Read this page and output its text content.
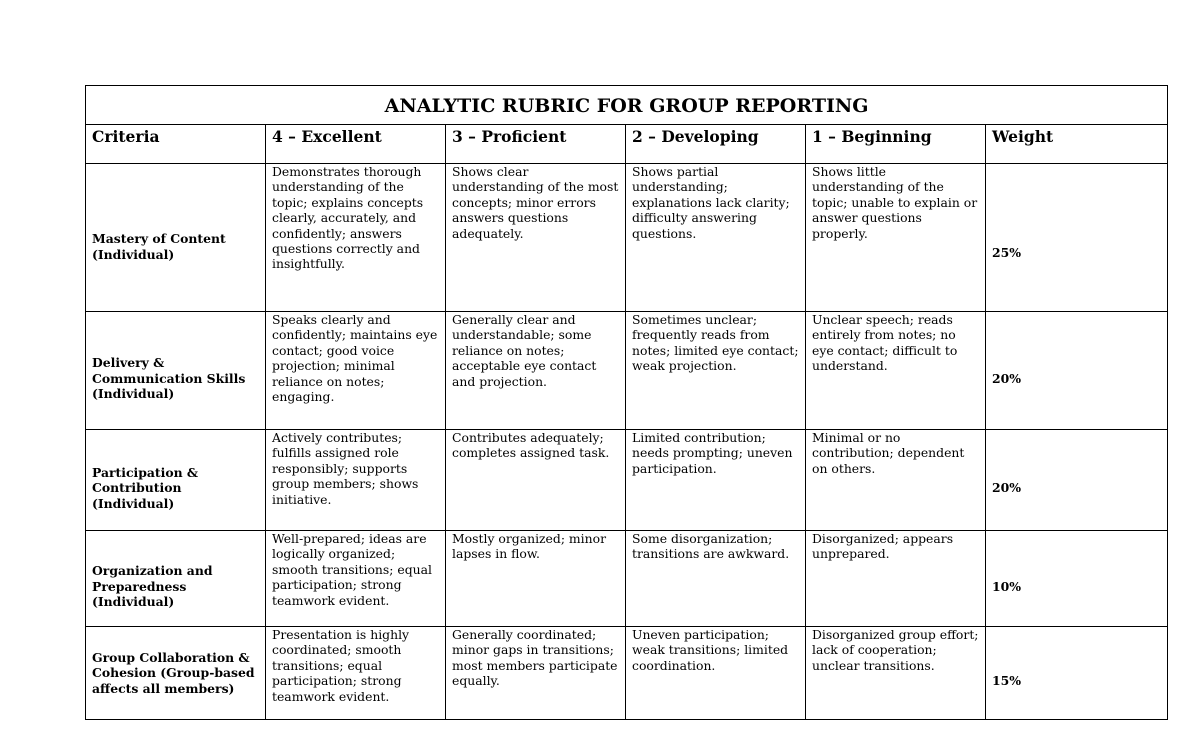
ANALYTIC RUBRIC FOR GROUP REPORTING					
Criteria	4 – Excellent	3 – Proficient	2 – Developing	1 – Beginning	Weight
Mastery of Content (Individual)	Demonstrates thorough understanding of the topic; explains concepts clearly, accurately, and confidently; answers questions correctly and insightfully.	Shows clear understanding of the most concepts; minor errors answers questions adequately.	Shows partial understanding; explanations lack clarity; difficulty answering questions.	Shows little understanding of the topic; unable to explain or answer questions properly.	25%
Delivery & Communication Skills (Individual)	Speaks clearly and confidently; maintains eye contact; good voice projection; minimal reliance on notes; engaging.	Generally clear and understandable; some reliance on notes; acceptable eye contact and projection.	Sometimes unclear; frequently reads from notes; limited eye contact; weak projection.	Unclear speech; reads entirely from notes; no eye contact; difficult to understand.	20%
Participation & Contribution (Individual)	Actively contributes; fulfills assigned role responsibly; supports group members; shows initiative.	Contributes adequately; completes assigned task.	Limited contribution; needs prompting; uneven participation.	Minimal or no contribution; dependent on others.	20%
Organization and Preparedness (Individual)	Well-prepared; ideas are logically organized; smooth transitions; equal participation; strong teamwork evident.	Mostly organized; minor lapses in flow.	Some disorganization; transitions are awkward.	Disorganized; appears unprepared.	10%
Group Collaboration & Cohesion (Group-based affects all members)	Presentation is highly coordinated; smooth transitions; equal participation; strong teamwork evident.	Generally coordinated; minor gaps in transitions; most members participate equally.	Uneven participation; weak transitions; limited coordination.	Disorganized group effort; lack of cooperation; unclear transitions.	15%
